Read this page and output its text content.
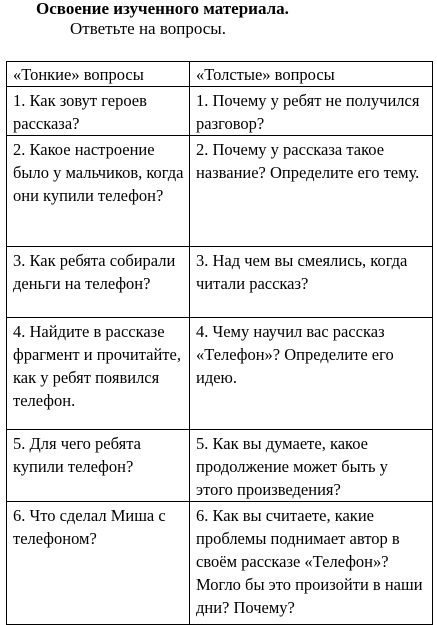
Освоение изученного материала.
Ответьте на вопросы.
«Тонкие» вопросы	«Толстые» вопросы
1. Как зовут героев рассказа?	1. Почему у ребят не получился разговор?
2. Какое настроение было у мальчиков, когда они купили телефон?	2. Почему у рассказа такое название? Определите его тему.
3. Как ребята собирали деньги на телефон?	3. Над чем вы смеялись, когда читали рассказ?
4. Найдите в рассказе фрагмент и прочитайте, как у ребят появился телефон.	4. Чему научил вас рассказ «Телефон»? Определите его идею.
5. Для чего ребята купили телефон?	5. Как вы думаете, какое продолжение может быть у этого произведения?
6. Что сделал Миша с телефоном?	6. Как вы считаете, какие проблемы поднимает автор в своём рассказе «Телефон»? Могло бы это произойти в наши дни? Почему?
